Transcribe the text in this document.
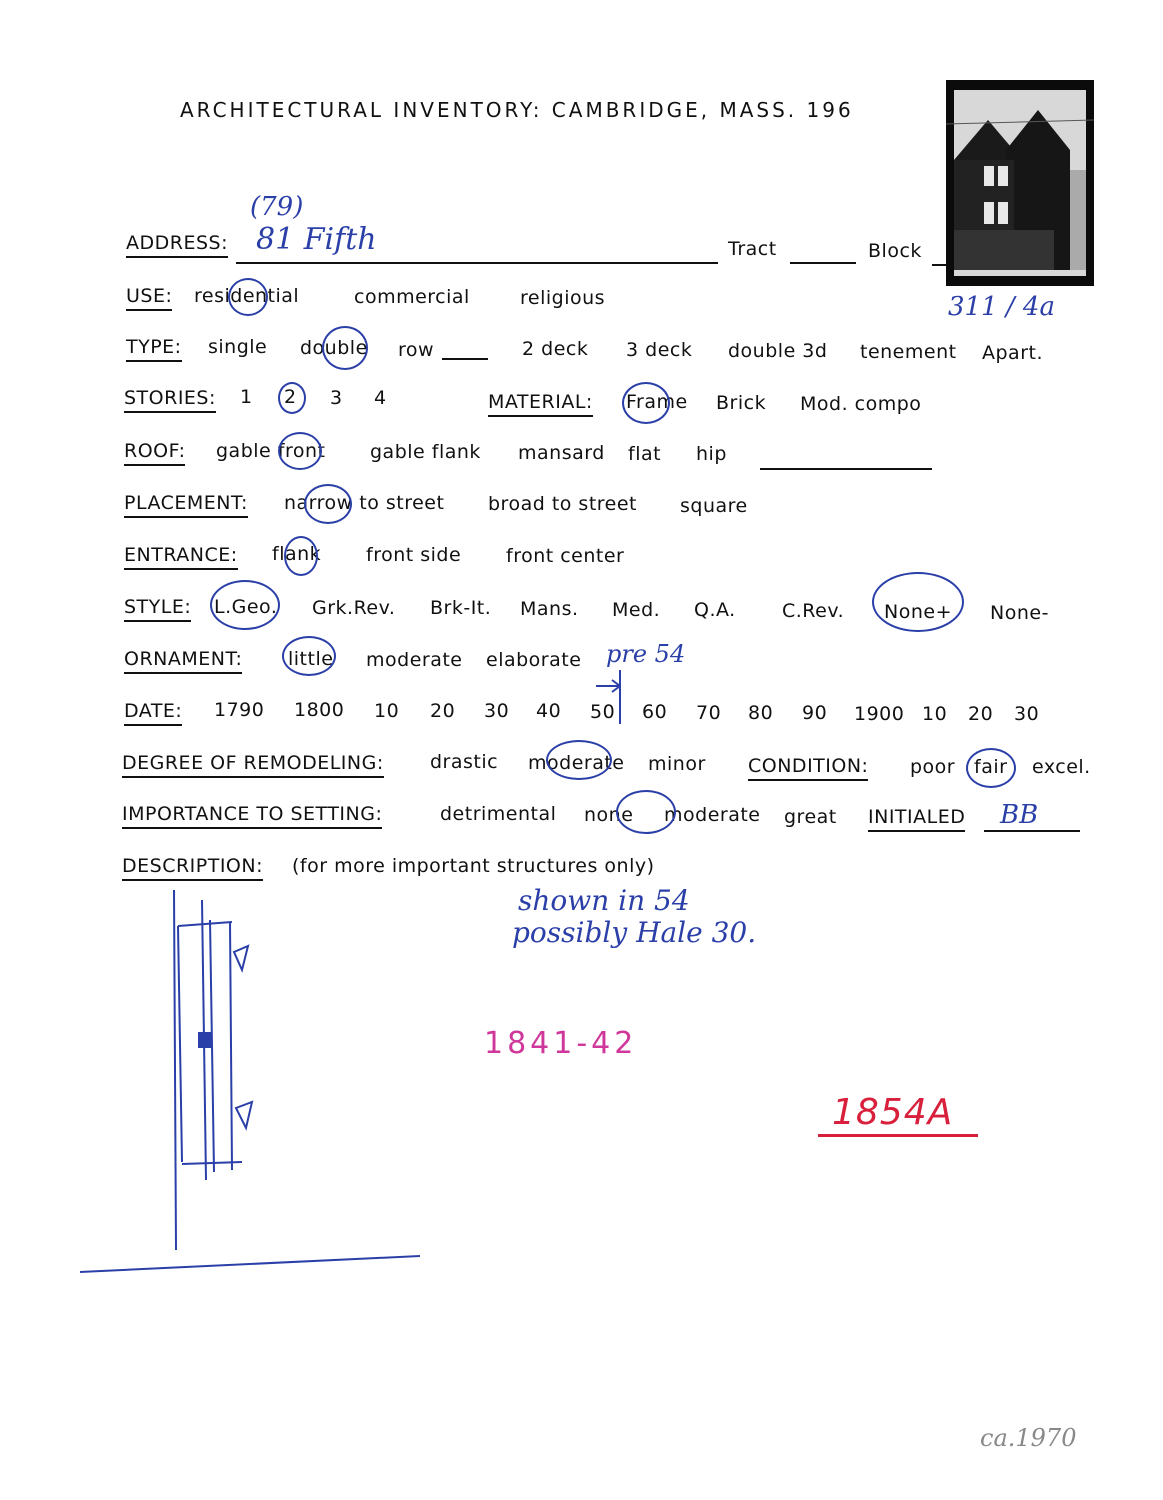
ARCHITECTURAL INVENTORY: CAMBRIDGE, MASS. 196
311 / 4a
(79)
ADDRESS: 81 Fifth	Tract	Block
USE: residential	commercial	religious
TYPE: single double row	2 deck 3 deck double 3d tenement Apart.
STORIES: 1 2 3 4	MATERIAL: Frame Brick Mod. compo
ROOF: gable front gable flank mansard flat hip
PLACEMENT: narrow to street broad to street square
ENTRANCE: flank front side front center
STYLE: L.Geo. Grk.Rev. Brk-It. Mans. Med. Q.A. C.Rev. None+ None-
ORNAMENT: little moderate elaborate pre 54
DATE: 1790 1800 10 20 30 40 50 60 70 80 90 1900 10 20 30
DEGREE OF REMODELING: drastic moderate minor CONDITION: poor fair excel.
IMPORTANCE TO SETTING:	detrimental none moderate great INITIALED BB
DESCRIPTION: (for more important structures only)
shown in 54
possibly Hale 30.
1841-42
1854A
ca.1970
